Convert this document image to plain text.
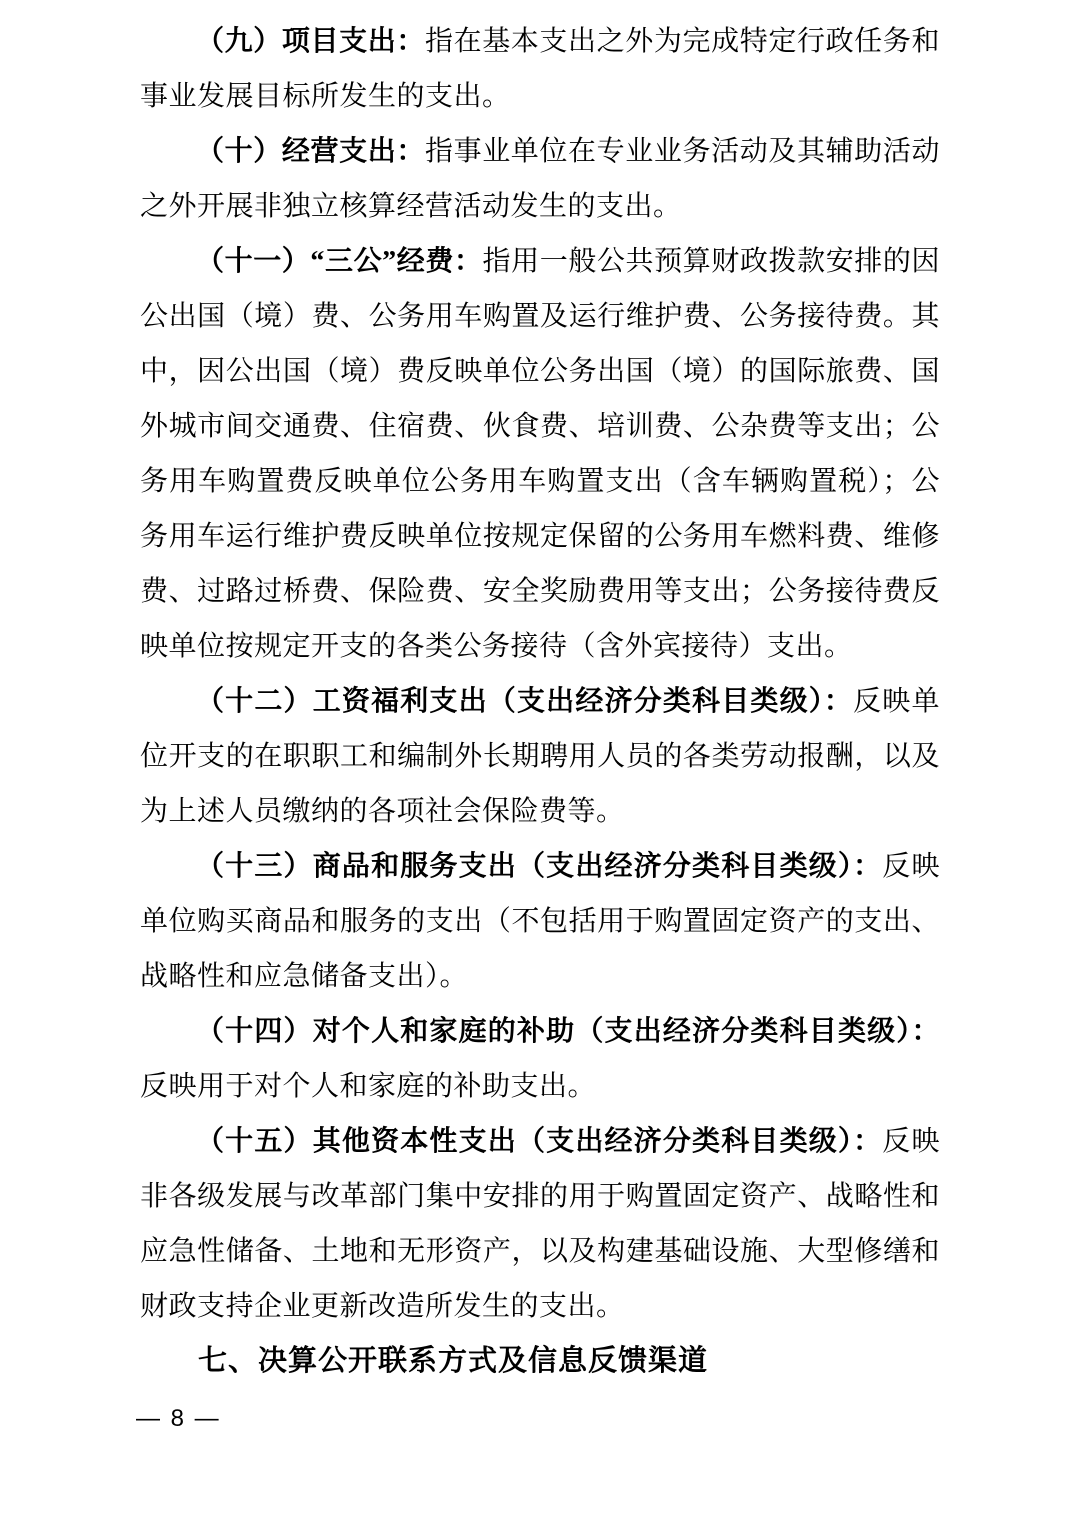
（九）项目支出：指在基本支出之外为完成特定行政任务和事业发展目标所发生的支出。

（十）经营支出：指事业单位在专业业务活动及其辅助活动之外开展非独立核算经营活动发生的支出。

（十一）“三公”经费：指用一般公共预算财政拨款安排的因公出国（境）费、公务用车购置及运行维护费、公务接待费。其中，因公出国（境）费反映单位公务出国（境）的国际旅费、国外城市间交通费、住宿费、伙食费、培训费、公杂费等支出；公务用车购置费反映单位公务用车购置支出（含车辆购置税）；公务用车运行维护费反映单位按规定保留的公务用车燃料费、维修费、过路过桥费、保险费、安全奖励费用等支出；公务接待费反映单位按规定开支的各类公务接待（含外宾接待）支出。

（十二）工资福利支出（支出经济分类科目类级）：反映单位开支的在职职工和编制外长期聘用人员的各类劳动报酬，以及为上述人员缴纳的各项社会保险费等。

（十三）商品和服务支出（支出经济分类科目类级）：反映单位购买商品和服务的支出（不包括用于购置固定资产的支出、战略性和应急储备支出）。

（十四）对个人和家庭的补助（支出经济分类科目类级）：反映用于对个人和家庭的补助支出。

（十五）其他资本性支出（支出经济分类科目类级）：反映非各级发展与改革部门集中安排的用于购置固定资产、战略性和应急性储备、土地和无形资产，以及构建基础设施、大型修缮和财政支持企业更新改造所发生的支出。

七、决算公开联系方式及信息反馈渠道

— 8 —
